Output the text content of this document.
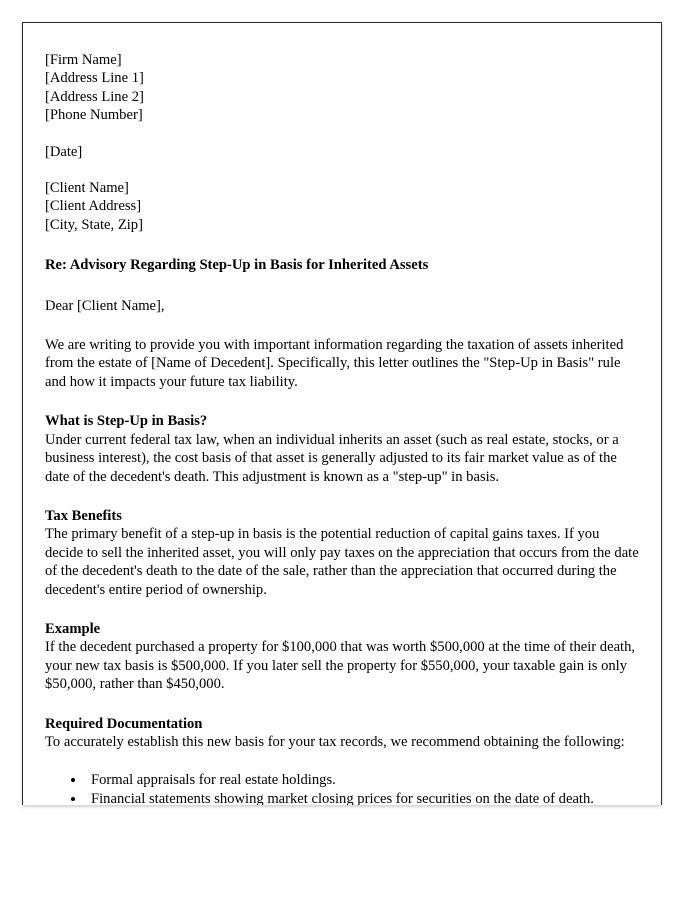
[Firm Name]
[Address Line 1]
[Address Line 2]
[Phone Number]
[Date]
[Client Name]
[Client Address]
[City, State, Zip]
Re: Advisory Regarding Step-Up in Basis for Inherited Assets
Dear [Client Name],
We are writing to provide you with important information regarding the taxation of assets inherited from the estate of [Name of Decedent]. Specifically, this letter outlines the "Step-Up in Basis" rule and how it impacts your future tax liability.
What is Step-Up in Basis?
Under current federal tax law, when an individual inherits an asset (such as real estate, stocks, or a business interest), the cost basis of that asset is generally adjusted to its fair market value as of the date of the decedent's death. This adjustment is known as a "step-up" in basis.
Tax Benefits
The primary benefit of a step-up in basis is the potential reduction of capital gains taxes. If you decide to sell the inherited asset, you will only pay taxes on the appreciation that occurs from the date of the decedent's death to the date of the sale, rather than the appreciation that occurred during the decedent's entire period of ownership.
Example
If the decedent purchased a property for $100,000 that was worth $500,000 at the time of their death, your new tax basis is $500,000. If you later sell the property for $550,000, your taxable gain is only $50,000, rather than $450,000.
Required Documentation
To accurately establish this new basis for your tax records, we recommend obtaining the following:
• Formal appraisals for real estate holdings.
• Financial statements showing market closing prices for securities on the date of death.
